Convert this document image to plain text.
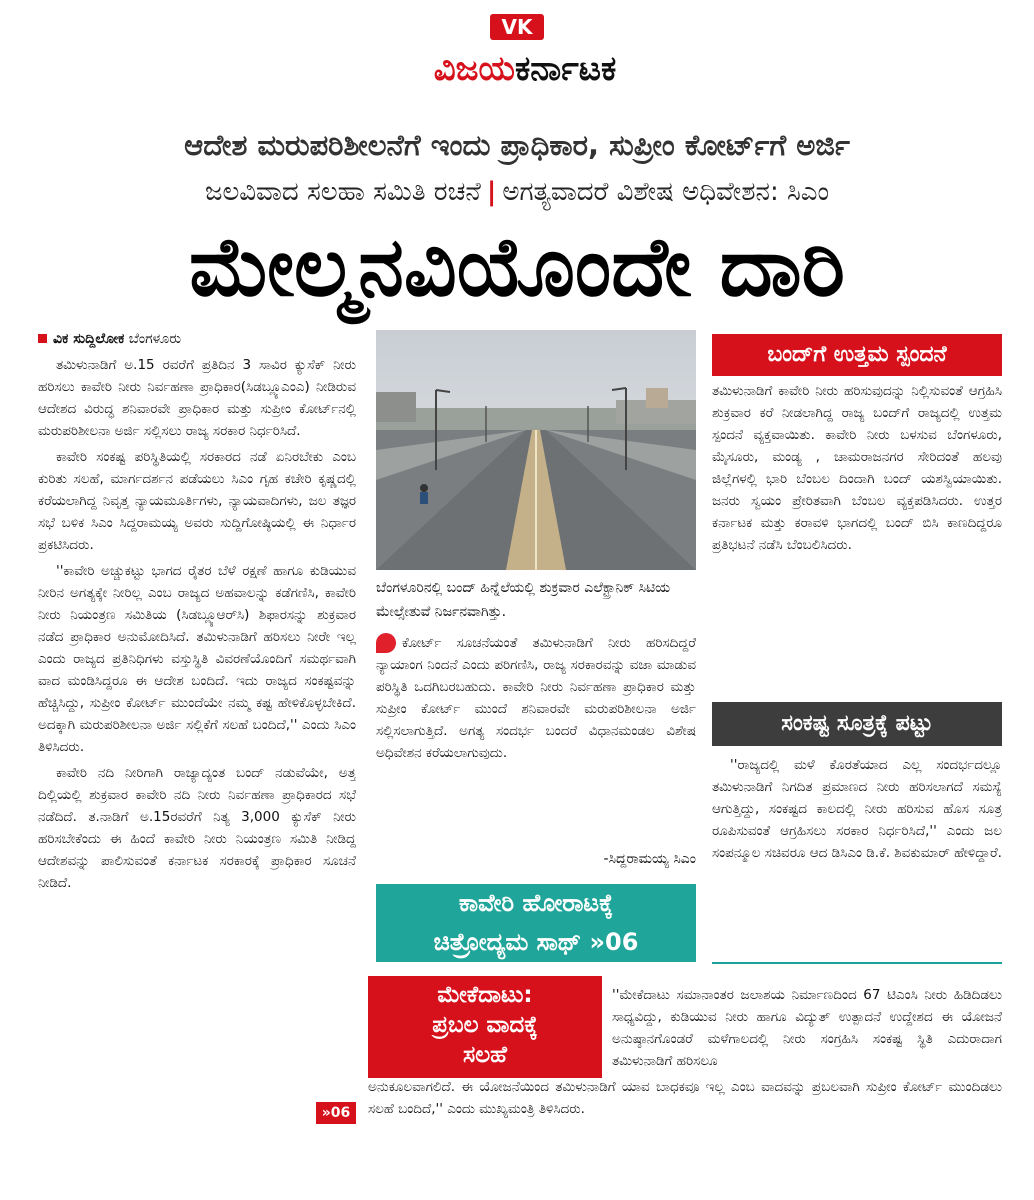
VK
ವಿಜಯಕರ್ನಾಟಕ
ಆದೇಶ ಮರುಪರಿಶೀಲನೆಗೆ ಇಂದು ಪ್ರಾಧಿಕಾರ, ಸುಪ್ರೀಂ ಕೋರ್ಟ್‌ಗೆ ಅರ್ಜಿ
ಜಲವಿವಾದ ಸಲಹಾ ಸಮಿತಿ ರಚನೆ | ಅಗತ್ಯವಾದರೆ ವಿಶೇಷ ಅಧಿವೇಶನ: ಸಿಎಂ
ಮೇಲ್ಮನವಿಯೊಂದೇ ದಾರಿ
ವಿಕ ಸುದ್ದಿಲೋಕ ಬೆಂಗಳೂರು

ತಮಿಳುನಾಡಿಗೆ ಅ.15 ರವರೆಗೆ ಪ್ರತಿದಿನ 3 ಸಾವಿರ ಕ್ಯುಸೆಕ್ ನೀರು ಹರಿಸಲು ಕಾವೇರಿ ನೀರು ನಿರ್ವಹಣಾ ಪ್ರಾಧಿಕಾರ(ಸಿಡಬ್ಲ್ಯೂಎಂಎ) ನೀಡಿರುವ ಆದೇಶದ ವಿರುದ್ಧ ಶನಿವಾರವೇ ಪ್ರಾಧಿಕಾರ ಮತ್ತು ಸುಪ್ರೀಂ ಕೋರ್ಟ್‌ನಲ್ಲಿ ಮರುಪರಿಶೀಲನಾ ಅರ್ಜಿ ಸಲ್ಲಿಸಲು ರಾಜ್ಯ ಸರಕಾರ ನಿರ್ಧರಿಸಿದೆ.

ಕಾವೇರಿ ಸಂಕಷ್ಟ ಪರಿಸ್ಥಿತಿಯಲ್ಲಿ ಸರಕಾರದ ನಡೆ ಏನಿರಬೇಕು ಎಂಬ ಕುರಿತು ಸಲಹೆ, ಮಾರ್ಗದರ್ಶನ ಪಡೆಯಲು ಸಿಎಂ ಗೃಹ ಕಚೇರಿ ಕೃಷ್ಣದಲ್ಲಿ ಕರೆಯಲಾಗಿದ್ದ ನಿವೃತ್ತ ನ್ಯಾಯಮೂರ್ತಿಗಳು, ನ್ಯಾಯವಾದಿಗಳು, ಜಲ ತಜ್ಞರ ಸಭೆ ಬಳಿಕ ಸಿಎಂ ಸಿದ್ದರಾಮಯ್ಯ ಅವರು ಸುದ್ದಿಗೋಷ್ಠಿಯಲ್ಲಿ ಈ ನಿರ್ಧಾರ ಪ್ರಕಟಿಸಿದರು.

''ಕಾವೇರಿ ಅಚ್ಚುಕಟ್ಟು ಭಾಗದ ರೈತರ ಬೆಳೆ ರಕ್ಷಣೆ ಹಾಗೂ ಕುಡಿಯುವ ನೀರಿನ ಅಗತ್ಯಕ್ಕೇ ನೀರಿಲ್ಲ ಎಂಬ ರಾಜ್ಯದ ಅಹವಾಲನ್ನು ಕಡೆಗಣಿಸಿ, ಕಾವೇರಿ ನೀರು ನಿಯಂತ್ರಣ ಸಮಿತಿಯ (ಸಿಡಬ್ಲ್ಯೂಆರ್‌ಸಿ) ಶಿಫಾರಸನ್ನು ಶುಕ್ರವಾರ ನಡೆದ ಪ್ರಾಧಿಕಾರ ಅನುಮೋದಿಸಿದೆ. ತಮಿಳುನಾಡಿಗೆ ಹರಿಸಲು ನೀರೇ ಇಲ್ಲ ಎಂದು ರಾಜ್ಯದ ಪ್ರತಿನಿಧಿಗಳು ವಸ್ತುಸ್ಥಿತಿ ವಿವರಣೆಯೊಂದಿಗೆ ಸಮರ್ಥವಾಗಿ ವಾದ ಮಂಡಿಸಿದ್ದರೂ ಈ ಆದೇಶ ಬಂದಿದೆ. ಇದು ರಾಜ್ಯದ ಸಂಕಷ್ಟವನ್ನು ಹೆಚ್ಚಿಸಿದ್ದು, ಸುಪ್ರೀಂ ಕೋರ್ಟ್ ಮುಂದೆಯೇ ನಮ್ಮ ಕಷ್ಟ ಹೇಳಿಕೊಳ್ಳಬೇಕಿದೆ. ಅದಕ್ಕಾಗಿ ಮರುಪರಿಶೀಲನಾ ಅರ್ಜಿ ಸಲ್ಲಿಕೆಗೆ ಸಲಹೆ ಬಂದಿದೆ,'' ಎಂದು ಸಿಎಂ ತಿಳಿಸಿದರು.

ಕಾವೇರಿ ನದಿ ನೀರಿಗಾಗಿ ರಾಜ್ಯಾದ್ಯಂತ ಬಂದ್ ನಡುವೆಯೇ, ಅತ್ತ ದಿಲ್ಲಿಯಲ್ಲಿ ಶುಕ್ರವಾರ ಕಾವೇರಿ ನದಿ ನೀರು ನಿರ್ವಹಣಾ ಪ್ರಾಧಿಕಾರದ ಸಭೆ ನಡೆದಿದೆ. ತ.ನಾಡಿಗೆ ಅ.15ರವರೆಗೆ ನಿತ್ಯ 3,000 ಕ್ಯುಸೆಕ್ ನೀರು ಹರಿಸಬೇಕೆಂದು ಈ ಹಿಂದೆ ಕಾವೇರಿ ನೀರು ನಿಯಂತ್ರಣ ಸಮಿತಿ ನೀಡಿದ್ದ ಆದೇಶವನ್ನು ಪಾಲಿಸುವಂತೆ ಕರ್ನಾಟಕ ಸರಕಾರಕ್ಕೆ ಪ್ರಾಧಿಕಾರ ಸೂಚನೆ ನೀಡಿದೆ.

»06
ಬೆಂಗಳೂರಿನಲ್ಲಿ ಬಂದ್ ಹಿನ್ನೆಲೆಯಲ್ಲಿ ಶುಕ್ರವಾರ ಎಲೆಕ್ಟ್ರಾನಿಕ್ ಸಿಟಿಯ ಮೇಲ್ಸೇತುವೆ ನಿರ್ಜನವಾಗಿತ್ತು.
ಕೋರ್ಟ್ ಸೂಚನೆಯಂತೆ ತಮಿಳುನಾಡಿಗೆ ನೀರು ಹರಿಸದಿದ್ದರೆ ನ್ಯಾಯಾಂಗ ನಿಂದನೆ ಎಂದು ಪರಿಗಣಿಸಿ, ರಾಜ್ಯ ಸರಕಾರವನ್ನು ವಜಾ ಮಾಡುವ ಪರಿಸ್ಥಿತಿ ಒದಗಿಬರಬಹುದು. ಕಾವೇರಿ ನೀರು ನಿರ್ವಹಣಾ ಪ್ರಾಧಿಕಾರ ಮತ್ತು ಸುಪ್ರೀಂ ಕೋರ್ಟ್ ಮುಂದೆ ಶನಿವಾರವೇ ಮರುಪರಿಶೀಲನಾ ಅರ್ಜಿ ಸಲ್ಲಿಸಲಾಗುತ್ತಿದೆ. ಅಗತ್ಯ ಸಂದರ್ಭ ಬಂದರೆ ವಿಧಾನಮಂಡಲ ವಿಶೇಷ ಅಧಿವೇಶನ ಕರೆಯಲಾಗುವುದು.
-ಸಿದ್ದರಾಮಯ್ಯ ಸಿಎಂ
ಕಾವೇರಿ ಹೋರಾಟಕ್ಕೆ
ಚಿತ್ರೋದ್ಯಮ ಸಾಥ್ »06
ಬಂದ್‌ಗೆ ಉತ್ತಮ ಸ್ಪಂದನೆ

ತಮಿಳುನಾಡಿಗೆ ಕಾವೇರಿ ನೀರು ಹರಿಸುವುದನ್ನು ನಿಲ್ಲಿಸುವಂತೆ ಆಗ್ರಹಿಸಿ ಶುಕ್ರವಾರ ಕರೆ ನೀಡಲಾಗಿದ್ದ ರಾಜ್ಯ ಬಂದ್‌ಗೆ ರಾಜ್ಯದಲ್ಲಿ ಉತ್ತಮ ಸ್ಪಂದನೆ ವ್ಯಕ್ತವಾಯಿತು. ಕಾವೇರಿ ನೀರು ಬಳಸುವ ಬೆಂಗಳೂರು, ಮೈಸೂರು, ಮಂಡ್ಯ , ಚಾಮರಾಜನಗರ ಸೇರಿದಂತೆ ಹಲವು ಜಿಲ್ಲೆಗಳಲ್ಲಿ ಭಾರಿ ಬೆಂಬಲ ದಿಂದಾಗಿ ಬಂದ್ ಯಶಸ್ವಿಯಾಯಿತು. ಜನರು ಸ್ವಯಂ ಪ್ರೇರಿತವಾಗಿ ಬೆಂಬಲ ವ್ಯಕ್ತಪಡಿಸಿದರು. ಉತ್ತರ ಕರ್ನಾಟಕ ಮತ್ತು ಕರಾವಳಿ ಭಾಗದಲ್ಲಿ ಬಂದ್ ಬಿಸಿ ಕಾಣದಿದ್ದರೂ ಪ್ರತಿಭಟನೆ ನಡೆಸಿ ಬೆಂಬಲಿಸಿದರು.

ಸಂಕಷ್ಟ ಸೂತ್ರಕ್ಕೆ ಪಟ್ಟು

''ರಾಜ್ಯದಲ್ಲಿ ಮಳೆ ಕೊರತೆಯಾದ ಎಲ್ಲ ಸಂದರ್ಭದಲ್ಲೂ ತಮಿಳುನಾಡಿಗೆ ನಿಗದಿತ ಪ್ರಮಾಣದ ನೀರು ಹರಿಸಲಾಗದೆ ಸಮಸ್ಯೆ ಆಗುತ್ತಿದ್ದು, ಸಂಕಷ್ಟದ ಕಾಲದಲ್ಲಿ ನೀರು ಹರಿಸುವ ಹೊಸ ಸೂತ್ರ ರೂಪಿಸುವಂತೆ ಆಗ್ರಹಿಸಲು ಸರಕಾರ ನಿರ್ಧರಿಸಿದೆ,'' ಎಂದು ಜಲ ಸಂಪನ್ಮೂಲ ಸಚಿವರೂ ಆದ ಡಿಸಿಎಂ ಡಿ.ಕೆ. ಶಿವಕುಮಾರ್ ಹೇಳಿದ್ದಾರೆ.

ಮೇಕೆದಾಟು:
ಪ್ರಬಲ ವಾದಕ್ಕೆ
ಸಲಹೆ

''ಮೇಕೆದಾಟು ಸಮಾನಾಂತರ ಜಲಾಶಯ ನಿರ್ಮಾಣದಿಂದ 67 ಟಿಎಂಸಿ ನೀರು ಹಿಡಿದಿಡಲು ಸಾಧ್ಯವಿದ್ದು, ಕುಡಿಯುವ ನೀರು ಹಾಗೂ ವಿದ್ಯುತ್ ಉತ್ಪಾದನೆ ಉದ್ದೇಶದ ಈ ಯೋಜನೆ ಅನುಷ್ಠಾನಗೊಂಡರೆ ಮಳೆಗಾಲದಲ್ಲಿ ನೀರು ಸಂಗ್ರಹಿಸಿ ಸಂಕಷ್ಟ ಸ್ಥಿತಿ ಎದುರಾದಾಗ ತಮಿಳುನಾಡಿಗೆ ಹರಿಸಲೂ

ಅನುಕೂಲವಾಗಲಿದೆ. ಈ ಯೋಜನೆಯಿಂದ ತಮಿಳುನಾಡಿಗೆ ಯಾವ ಬಾಧಕವೂ ಇಲ್ಲ ಎಂಬ ವಾದವನ್ನು ಪ್ರಬಲವಾಗಿ ಸುಪ್ರೀಂ ಕೋರ್ಟ್ ಮುಂದಿಡಲು ಸಲಹೆ ಬಂದಿದೆ,'' ಎಂದು ಮುಖ್ಯಮಂತ್ರಿ ತಿಳಿಸಿದರು.
